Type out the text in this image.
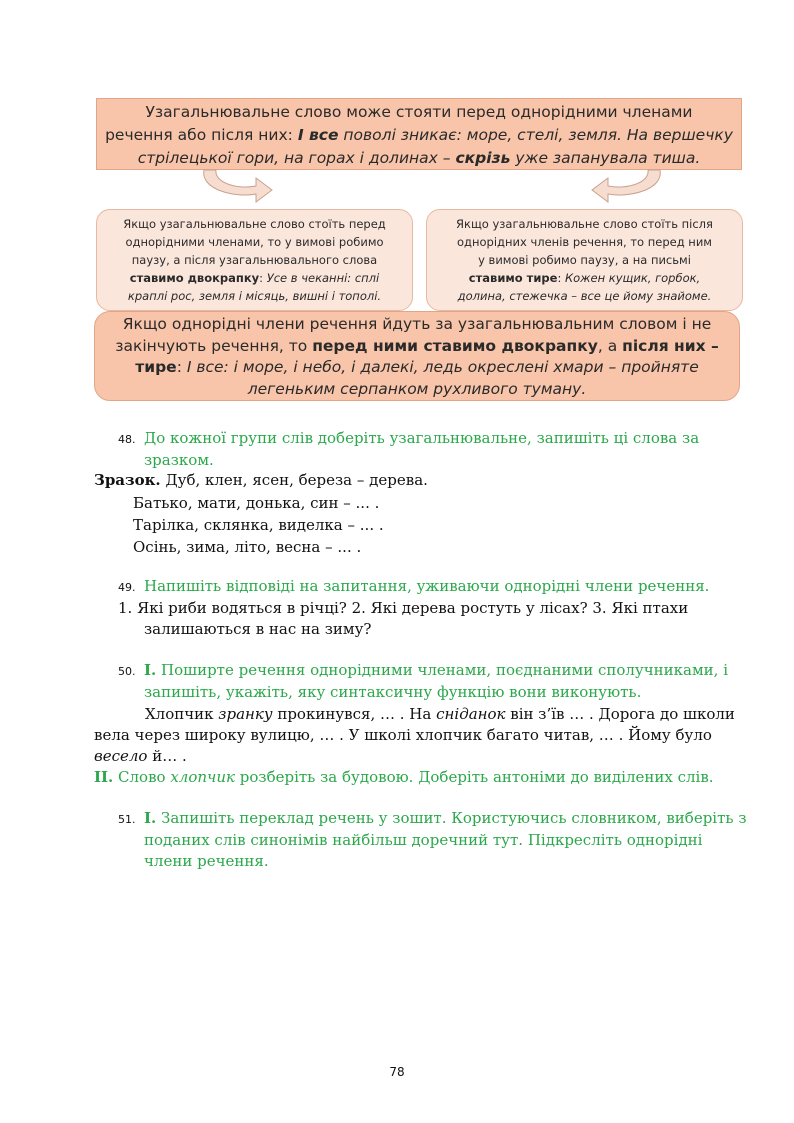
Узагальнювальне слово може стояти перед однорідними членами
речення або після них: І все поволі зникає: море, стелі, земля. На вершечку
стрілецької гори, на горах і долинах – скрізь уже запанувала тиша.
Якщо узагальнювальне слово стоїть перед
однорідними членами, то у вимові робимо
паузу, а після узагальнювального слова
ставимо двокрапку: Усе в чеканні: сплі
краплі рос, земля і місяць, вишні і тополі.
Якщо узагальнювальне слово стоїть після
однорідних членів речення, то перед ним
у вимові робимо паузу, а на письмі
ставимо тире: Кожен кущик, горбок,
долина, стежечка – все це йому знайоме.
Якщо однорідні члени речення йдуть за узагальнювальним словом і не
закінчують речення, то перед ними ставимо двокрапку, а після них –
тире: І все: і море, і небо, і далекі, ледь окреслені хмари – пройняте
легеньким серпанком рухливого туману.
48. До кожної групи слів доберіть узагальнювальне, запишіть ці слова за
зразком.
Зразок. Дуб, клен, ясен, береза – дерева.
Батько, мати, донька, син – ... .
Тарілка, склянка, виделка – ... .
Осінь, зима, літо, весна – ... .
49. Напишіть відповіді на запитання, уживаючи однорідні члени речення.
1. Які риби водяться в річці? 2. Які дерева ростуть у лісах? 3. Які птахи
залишаються в нас на зиму?
50. І. Поширте речення однорідними членами, поєднаними сполучниками, і
запишіть, укажіть, яку синтаксичну функцію вони виконують.
Хлопчик зранку прокинувся, … . На сніданок він з’їв … . Дорога до школи
вела через широку вулицю, … . У школі хлопчик багато читав, … . Йому було
весело й… .
ІІ. Слово хлопчик розберіть за будовою. Доберіть антоніми до виділених слів.
51. І. Запишіть переклад речень у зошит. Користуючись словником, виберіть з
поданих слів синонімів найбільш доречний тут. Підкресліть однорідні
члени речення.
78
